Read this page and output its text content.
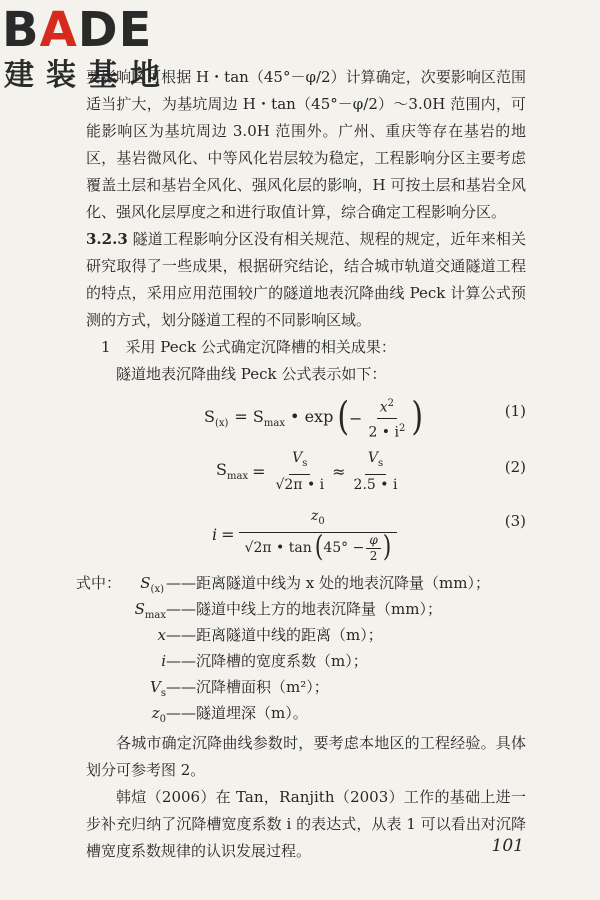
BADE
建装基地

要影响区可根据 H・tan（45°－φ/2）计算确定，次要影响区范围适当扩大，为基坑周边 H・tan（45°－φ/2）～3.0H 范围内，可能影响区为基坑周边 3.0H 范围外。广州、重庆等存在基岩的地区，基岩微风化、中等风化岩层较为稳定，工程影响分区主要考虑覆盖土层和基岩全风化、强风化层的影响，H 可按土层和基岩全风化、强风化层厚度之和进行取值计算，综合确定工程影响分区。

3.2.3 隧道工程影响分区没有相关规范、规程的规定，近年来相关研究取得了一些成果，根据研究结论，结合城市轨道交通隧道工程的特点，采用应用范围较广的隧道地表沉降曲线 Peck 计算公式预测的方式，划分隧道工程的不同影响区域。

1　采用 Peck 公式确定沉降槽的相关成果：

隧道地表沉降曲线 Peck 公式表示如下：

$S_{(x)} = S_{max}$ • exp ( − $\frac{x^2}{2 • i^2}$ )	(1)
$S_{max} = \frac{V_s}{√2\pi • i} \approx \frac{V_s}{2.5 • i}$	(2)
i =
$z_0$
√2π • tan ( $45^\circ - \frac{\varphi}{2}$ )
(3)
式中：	$S_{(x)}$ ——距离隧道中线为 x 处的地表沉降量（mm）；
$S_{max}$ ——隧道中线上方的地表沉降量（mm）；
x ——距离隧道中线的距离（m）；
i ——沉降槽的宽度系数（m）；
$V_s$ ——沉降槽面积（m²）；
$z_0$ ——隧道埋深（m）。

各城市确定沉降曲线参数时，要考虑本地区的工程经验。具体划分可参考图 2。

韩煊（2006）在 Tan，Ranjith（2003）工作的基础上进一步补充归纳了沉降槽宽度系数 i 的表达式，从表 1 可以看出对沉降槽宽度系数规律的认识发展过程。	101
